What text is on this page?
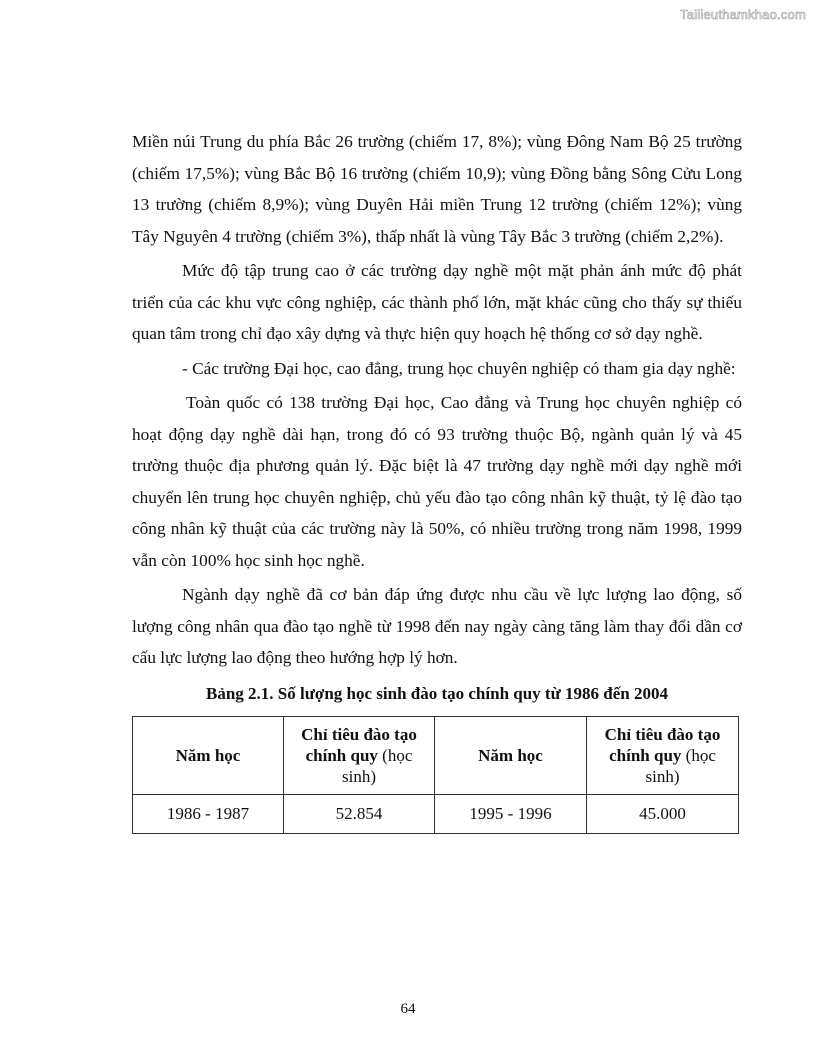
Tailieuthamkhao.com

Miền núi Trung du phía Bắc 26 trường (chiếm 17, 8%); vùng Đông Nam Bộ 25 trường (chiếm 17,5%); vùng Bắc Bộ 16 trường (chiếm 10,9); vùng Đồng bằng Sông Cửu Long 13 trường (chiếm 8,9%); vùng Duyên Hải miền Trung 12 trường (chiếm 12%); vùng Tây Nguyên 4 trường (chiếm 3%), thấp nhất là vùng Tây Bắc 3 trường (chiếm 2,2%).

Mức độ tập trung cao ở các trường dạy nghề một mặt phản ánh mức độ phát triển của các khu vực công nghiệp, các thành phố lớn, mặt khác cũng cho thấy sự thiếu quan tâm trong chỉ đạo xây dựng và thực hiện quy hoạch hệ thống cơ sở dạy nghề.

- Các trường Đại học, cao đẳng, trung học chuyên nghiệp có tham gia dạy nghề:

Toàn quốc có 138 trường Đại học, Cao đẳng và Trung học chuyên nghiệp có hoạt động dạy nghề dài hạn, trong đó có 93 trường thuộc Bộ, ngành quản lý và 45 trường thuộc địa phương quản lý. Đặc biệt là 47 trường dạy nghề mới dạy nghề mới chuyển lên trung học chuyên nghiệp, chủ yếu đào tạo công nhân kỹ thuật, tỷ lệ đào tạo công nhân kỹ thuật của các trường này là 50%, có nhiều trường trong năm 1998, 1999 vẫn còn 100% học sinh học nghề.

Ngành dạy nghề đã cơ bản đáp ứng được nhu cầu về lực lượng lao động, số lượng công nhân qua đào tạo nghề từ 1998 đến nay ngày càng tăng làm thay đổi dần cơ cấu lực lượng lao động theo hướng hợp lý hơn.

Bảng 2.1. Số lượng học sinh đào tạo chính quy từ 1986 đến 2004
Năm học	Chỉ tiêu đào tạo chính quy (học sinh)	Năm học	Chỉ tiêu đào tạo chính quy (học sinh)
1986 - 1987	52.854	1995 - 1996	45.000
64
